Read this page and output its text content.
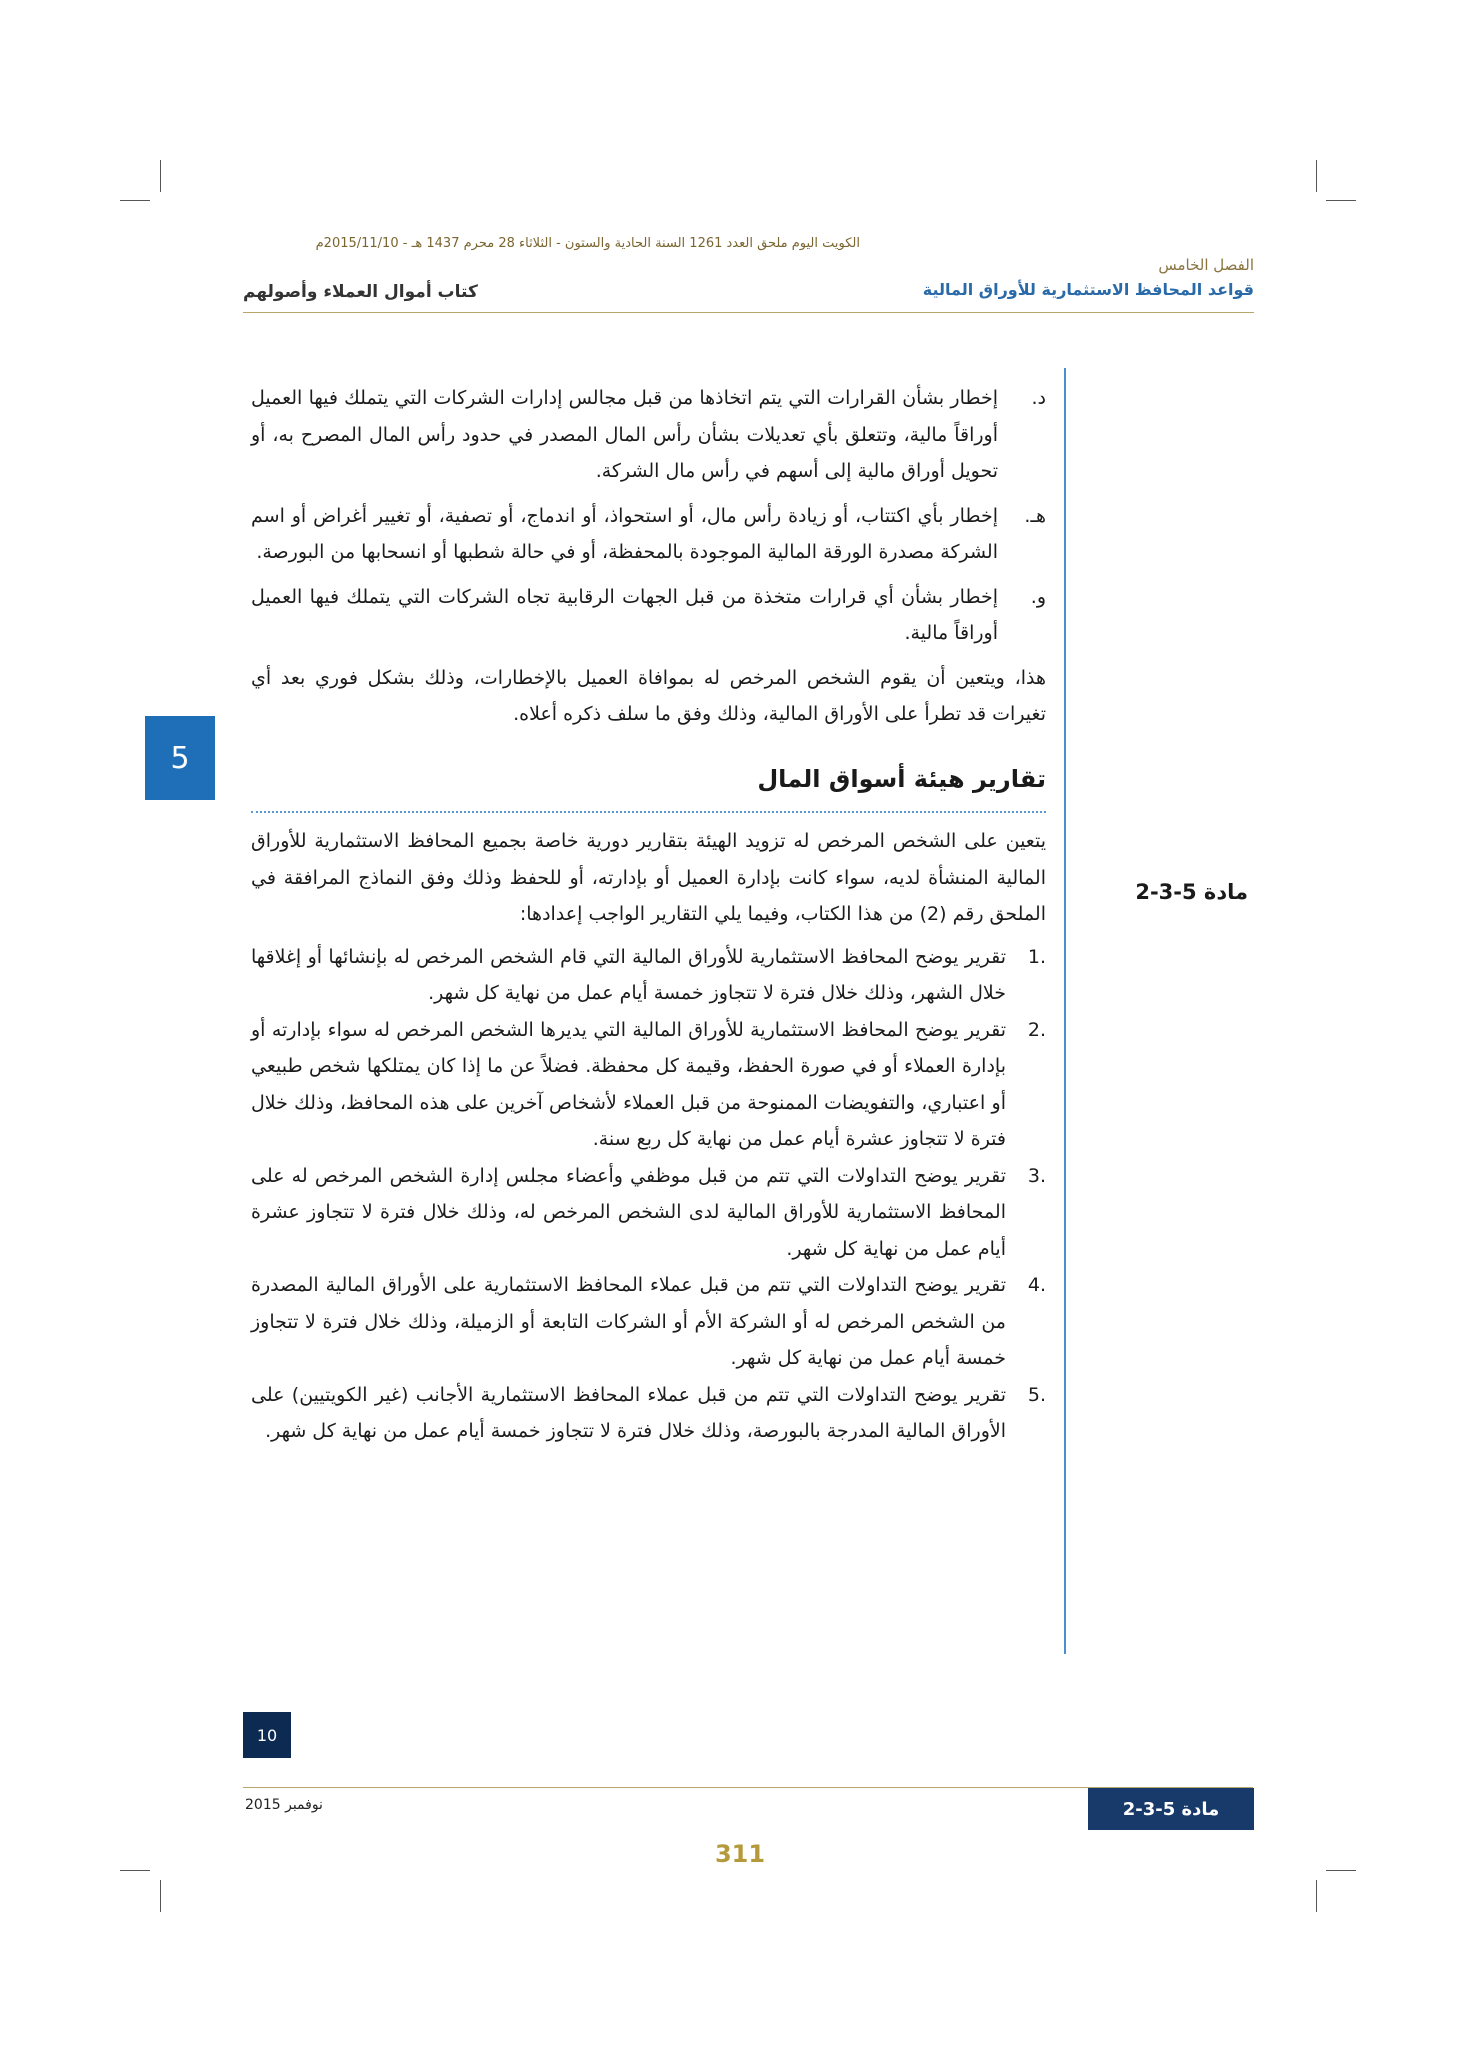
الكويت اليوم ملحق العدد 1261 السنة الحادية والستون - الثلاثاء 28 محرم 1437 هـ - 2015/11/10م
الفصل الخامس
قواعد المحافظ الاستثمارية للأوراق المالية
كتاب أموال العملاء وأصولهم
5
مادة 5-3-2
د.
إخطار بشأن القرارات التي يتم اتخاذها من قبل مجالس إدارات الشركات التي يتملك فيها العميل أوراقاً مالية، وتتعلق بأي تعديلات بشأن رأس المال المصدر في حدود رأس المال المصرح به، أو تحويل أوراق مالية إلى أسهم في رأس مال الشركة.
هـ.
إخطار بأي اكتتاب، أو زيادة رأس مال، أو استحواذ، أو اندماج، أو تصفية، أو تغيير أغراض أو اسم الشركة مصدرة الورقة المالية الموجودة بالمحفظة، أو في حالة شطبها أو انسحابها من البورصة.
و.
إخطار بشأن أي قرارات متخذة من قبل الجهات الرقابية تجاه الشركات التي يتملك فيها العميل أوراقاً مالية.
هذا، ويتعين أن يقوم الشخص المرخص له بموافاة العميل بالإخطارات، وذلك بشكل فوري بعد أي تغيرات قد تطرأ على الأوراق المالية، وذلك وفق ما سلف ذكره أعلاه.
تقارير هيئة أسواق المال
يتعين على الشخص المرخص له تزويد الهيئة بتقارير دورية خاصة بجميع المحافظ الاستثمارية للأوراق المالية المنشأة لديه، سواء كانت بإدارة العميل أو بإدارته، أو للحفظ وذلك وفق النماذج المرافقة في الملحق رقم (2) من هذا الكتاب، وفيما يلي التقارير الواجب إعدادها:
.1
تقرير يوضح المحافظ الاستثمارية للأوراق المالية التي قام الشخص المرخص له بإنشائها أو إغلاقها خلال الشهر، وذلك خلال فترة لا تتجاوز خمسة أيام عمل من نهاية كل شهر.
.2
تقرير يوضح المحافظ الاستثمارية للأوراق المالية التي يديرها الشخص المرخص له سواء بإدارته أو بإدارة العملاء أو في صورة الحفظ، وقيمة كل محفظة. فضلاً عن ما إذا كان يمتلكها شخص طبيعي أو اعتباري، والتفويضات الممنوحة من قبل العملاء لأشخاص آخرين على هذه المحافظ، وذلك خلال فترة لا تتجاوز عشرة أيام عمل من نهاية كل ربع سنة.
.3
تقرير يوضح التداولات التي تتم من قبل موظفي وأعضاء مجلس إدارة الشخص المرخص له على المحافظ الاستثمارية للأوراق المالية لدى الشخص المرخص له، وذلك خلال فترة لا تتجاوز عشرة أيام عمل من نهاية كل شهر.
.4
تقرير يوضح التداولات التي تتم من قبل عملاء المحافظ الاستثمارية على الأوراق المالية المصدرة من الشخص المرخص له أو الشركة الأم أو الشركات التابعة أو الزميلة، وذلك خلال فترة لا تتجاوز خمسة أيام عمل من نهاية كل شهر.
.5
تقرير يوضح التداولات التي تتم من قبل عملاء المحافظ الاستثمارية الأجانب (غير الكويتيين) على الأوراق المالية المدرجة بالبورصة، وذلك خلال فترة لا تتجاوز خمسة أيام عمل من نهاية كل شهر.
10
نوفمبر 2015	مادة 5-3-2
311
